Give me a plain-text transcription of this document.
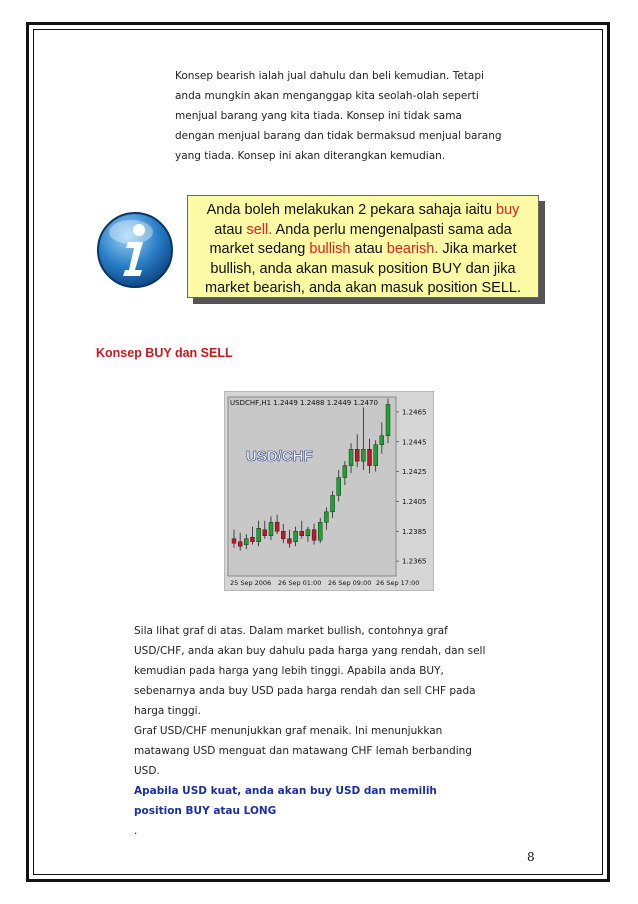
Konsep bearish ialah jual dahulu dan beli kemudian. Tetapi
anda mungkin akan menganggap kita seolah-olah seperti
menjual barang yang kita tiada. Konsep ini tidak sama
dengan menjual barang dan tidak bermaksud menjual barang
yang tiada. Konsep ini akan diterangkan kemudian.
Anda boleh melakukan 2 pekara sahaja iaitu buy atau sell. Anda perlu mengenalpasti sama ada market sedang bullish atau bearish. Jika market bullish, anda akan masuk position BUY dan jika market bearish, anda akan masuk position SELL.
Konsep BUY dan SELL
USDCHF,H1 1.2449 1.2488 1.2449 1.2470
USD/CHF
1.2465
1.2445
1.2425
1.2405
1.2385
1.2365
25 Sep 2006 26 Sep 01:00 26 Sep 09:00 26 Sep 17:00
Sila lihat graf di atas. Dalam market bullish, contohnya graf
USD/CHF, anda akan buy dahulu pada harga yang rendah, dan sell
kemudian pada harga yang lebih tinggi. Apabila anda BUY,
sebenarnya anda buy USD pada harga rendah dan sell CHF pada
harga tinggi.
Graf USD/CHF menunjukkan graf menaik. Ini menunjukkan
matawang USD menguat dan matawang CHF lemah berbanding
USD.
Apabila USD kuat, anda akan buy USD dan memilih
position BUY atau LONG
.
8
